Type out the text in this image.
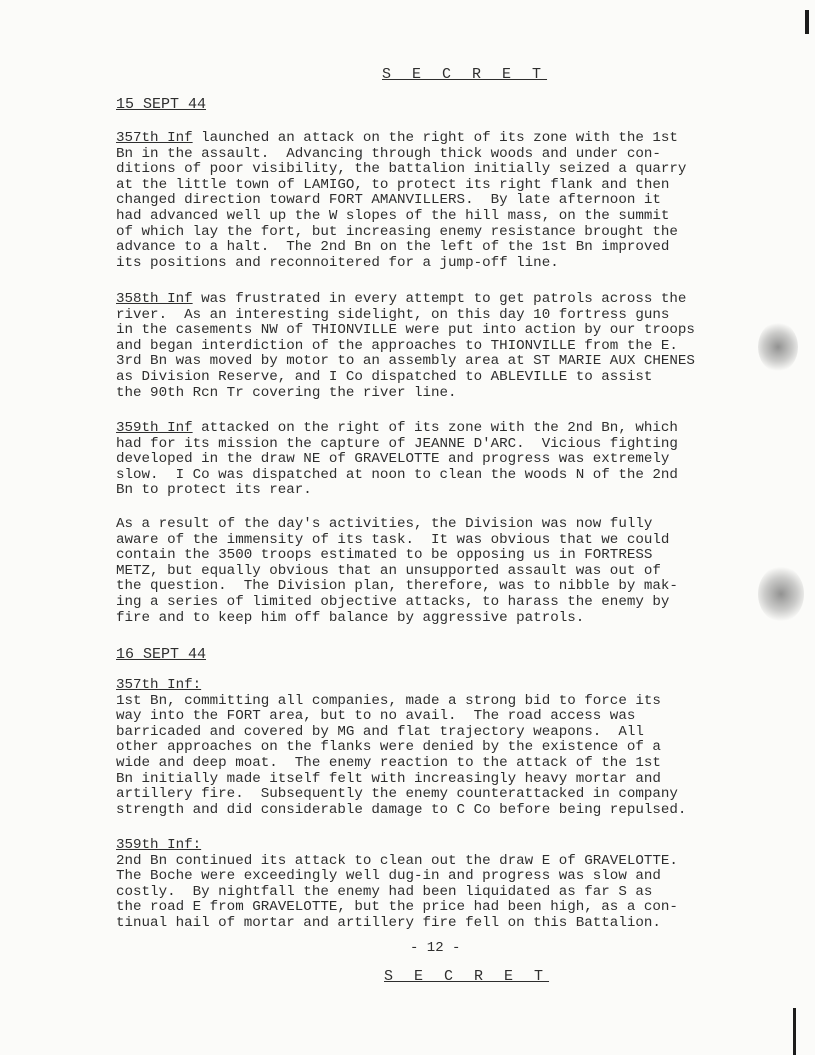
S E C R E T
15 SEPT 44
357th Inf launched an attack on the right of its zone with the 1st
Bn in the assault.  Advancing through thick woods and under con-
ditions of poor visibility, the battalion initially seized a quarry
at the little town of LAMIGO, to protect its right flank and then
changed direction toward FORT AMANVILLERS.  By late afternoon it
had advanced well up the W slopes of the hill mass, on the summit
of which lay the fort, but increasing enemy resistance brought the
advance to a halt.  The 2nd Bn on the left of the 1st Bn improved
its positions and reconnoitered for a jump-off line.
358th Inf was frustrated in every attempt to get patrols across the
river.  As an interesting sidelight, on this day 10 fortress guns
in the casements NW of THIONVILLE were put into action by our troops
and began interdiction of the approaches to THIONVILLE from the E.
3rd Bn was moved by motor to an assembly area at ST MARIE AUX CHENES
as Division Reserve, and I Co dispatched to ABLEVILLE to assist
the 90th Rcn Tr covering the river line.
359th Inf attacked on the right of its zone with the 2nd Bn, which
had for its mission the capture of JEANNE D'ARC.  Vicious fighting
developed in the draw NE of GRAVELOTTE and progress was extremely
slow.  I Co was dispatched at noon to clean the woods N of the 2nd
Bn to protect its rear.
As a result of the day's activities, the Division was now fully
aware of the immensity of its task.  It was obvious that we could
contain the 3500 troops estimated to be opposing us in FORTRESS
METZ, but equally obvious that an unsupported assault was out of
the question.  The Division plan, therefore, was to nibble by mak-
ing a series of limited objective attacks, to harass the enemy by
fire and to keep him off balance by aggressive patrols.
16 SEPT 44
357th Inf:
1st Bn, committing all companies, made a strong bid to force its
way into the FORT area, but to no avail.  The road access was
barricaded and covered by MG and flat trajectory weapons.  All
other approaches on the flanks were denied by the existence of a
wide and deep moat.  The enemy reaction to the attack of the 1st
Bn initially made itself felt with increasingly heavy mortar and
artillery fire.  Subsequently the enemy counterattacked in company
strength and did considerable damage to C Co before being repulsed.
359th Inf:
2nd Bn continued its attack to clean out the draw E of GRAVELOTTE.
The Boche were exceedingly well dug-in and progress was slow and
costly.  By nightfall the enemy had been liquidated as far S as
the road E from GRAVELOTTE, but the price had been high, as a con-
tinual hail of mortar and artillery fire fell on this Battalion.
- 12 -
S E C R E T
